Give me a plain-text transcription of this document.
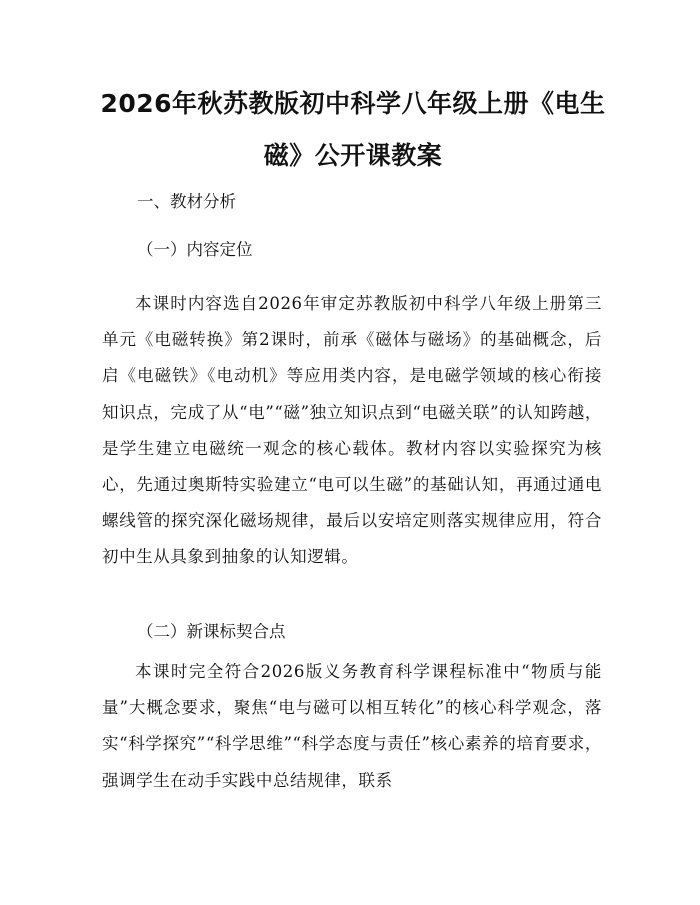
2026年秋苏教版初中科学八年级上册《电生磁》公开课教案
一、教材分析
（一）内容定位
本课时内容选自2026年审定苏教版初中科学八年级上册第三单元《电磁转换》第2课时，前承《磁体与磁场》的基础概念，后启《电磁铁》《电动机》等应用类内容，是电磁学领域的核心衔接知识点，完成了从“电”“磁”独立知识点到“电磁关联”的认知跨越，是学生建立电磁统一观念的核心载体。教材内容以实验探究为核心，先通过奥斯特实验建立“电可以生磁”的基础认知，再通过通电螺线管的探究深化磁场规律，最后以安培定则落实规律应用，符合初中生从具象到抽象的认知逻辑。
（二）新课标契合点
本课时完全符合2026版义务教育科学课程标准中“物质与能量”大概念要求，聚焦“电与磁可以相互转化”的核心科学观念，落实“科学探究”“科学思维”“科学态度与责任”核心素养的培育要求，强调学生在动手实践中总结规律，联系
